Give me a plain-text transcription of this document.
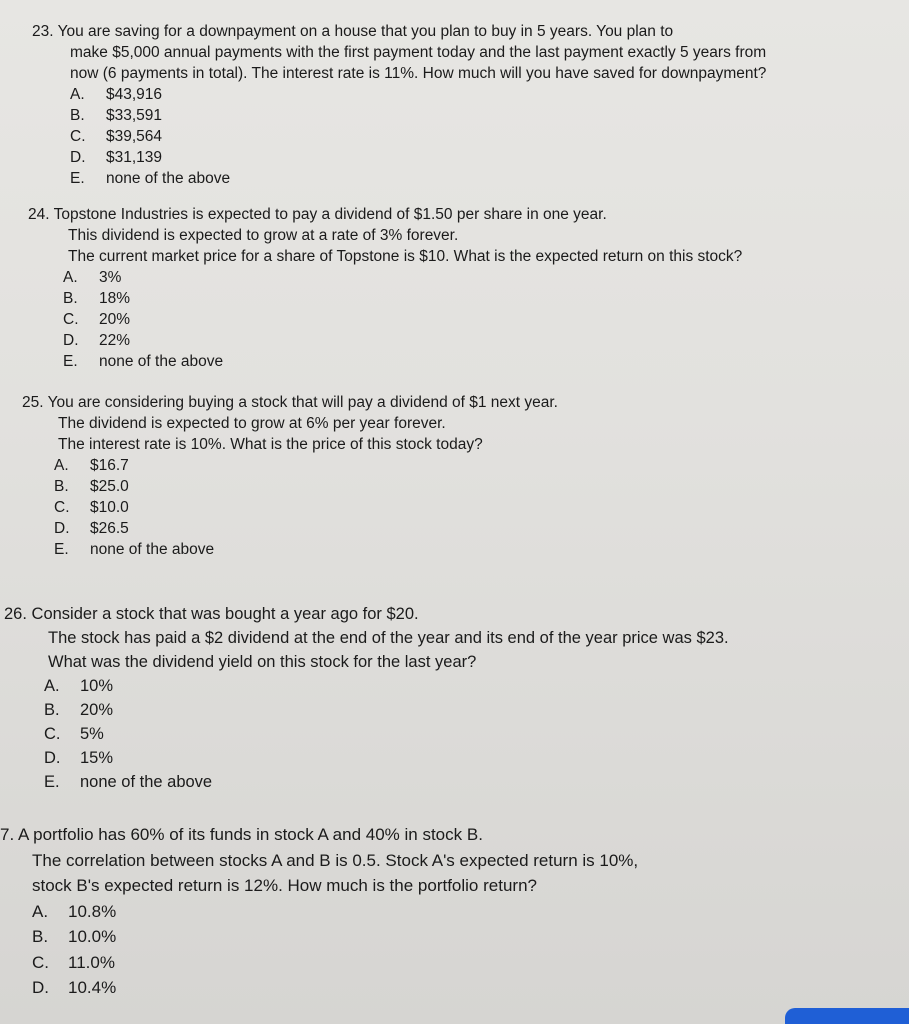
23. You are saving for a downpayment on a house that you plan to buy in 5 years. You plan to
make $5,000 annual payments with the first payment today and the last payment exactly 5 years from
now (6 payments in total). The interest rate is 11%. How much will you have saved for downpayment?
A. $43,916
B. $33,591
C. $39,564
D. $31,139
E. none of the above
24. Topstone Industries is expected to pay a dividend of $1.50 per share in one year.
This dividend is expected to grow at a rate of 3% forever.
The current market price for a share of Topstone is $10. What is the expected return on this stock?
A. 3%
B. 18%
C. 20%
D. 22%
E. none of the above
25. You are considering buying a stock that will pay a dividend of $1 next year.
The dividend is expected to grow at 6% per year forever.
The interest rate is 10%. What is the price of this stock today?
A. $16.7
B. $25.0
C. $10.0
D. $26.5
E. none of the above
26. Consider a stock that was bought a year ago for $20.
The stock has paid a $2 dividend at the end of the year and its end of the year price was $23.
What was the dividend yield on this stock for the last year?
A. 10%
B. 20%
C. 5%
D. 15%
E. none of the above
7. A portfolio has 60% of its funds in stock A and 40% in stock B.
The correlation between stocks A and B is 0.5. Stock A's expected return is 10%,
stock B's expected return is 12%. How much is the portfolio return?
A. 10.8%
B. 10.0%
C. 11.0%
D. 10.4%
